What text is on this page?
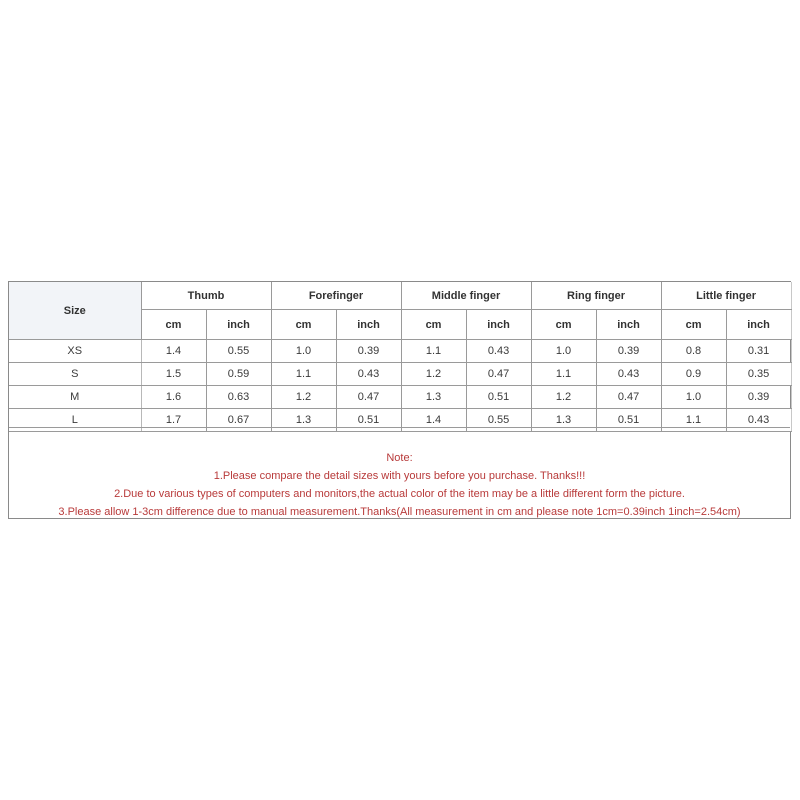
Size	Thumb		Forefinger		Middle finger		Ring finger		Little finger	
	cm	inch	cm	inch	cm	inch	cm	inch	cm	inch
XS	1.4	0.55	1.0	0.39	1.1	0.43	1.0	0.39	0.8	0.31
S	1.5	0.59	1.1	0.43	1.2	0.47	1.1	0.43	0.9	0.35
M	1.6	0.63	1.2	0.47	1.3	0.51	1.2	0.47	1.0	0.39
L	1.7	0.67	1.3	0.51	1.4	0.55	1.3	0.51	1.1	0.43
Note:
1.Please compare the detail sizes with yours before you purchase. Thanks!!!
2.Due to various types of computers and monitors,the actual color of the item may be a little different form the picture.
3.Please allow 1-3cm difference due to manual measurement.Thanks(All measurement in cm and please note 1cm=0.39inch 1inch=2.54cm)
